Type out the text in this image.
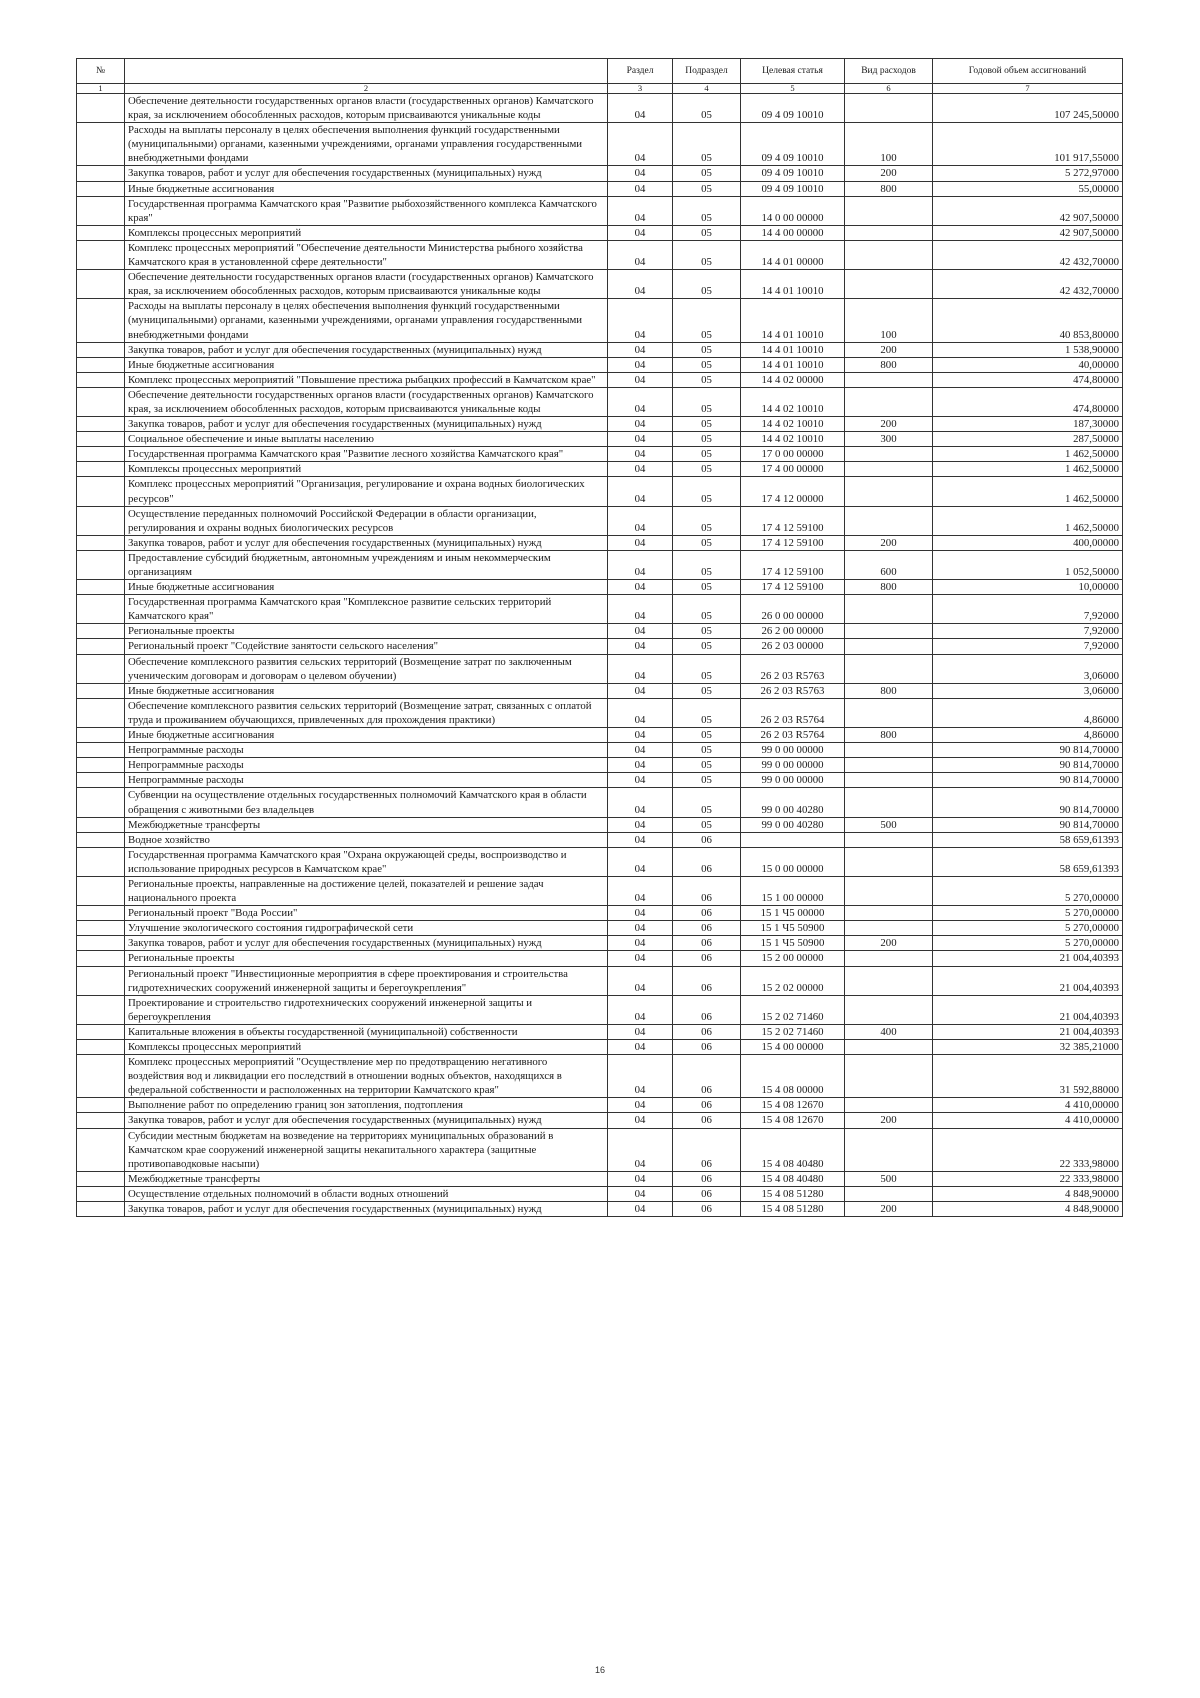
№		Раздел	Подраздел	Целевая статья	Вид расходов	Годовой объем ассигнований
1	2	3	4	5	6	7
	Обеспечение деятельности государственных органов власти (государственных органов) Камчатского края, за исключением обособленных расходов, которым присваиваются уникальные коды	04	05	09 4 09 10010		107 245,50000
	Расходы на выплаты персоналу в целях обеспечения выполнения функций государственными (муниципальными) органами, казенными учреждениями, органами управления государственными внебюджетными фондами	04	05	09 4 09 10010	100	101 917,55000
	Закупка товаров, работ и услуг для обеспечения государственных (муниципальных) нужд	04	05	09 4 09 10010	200	5 272,97000
	Иные бюджетные ассигнования	04	05	09 4 09 10010	800	55,00000
	Государственная программа Камчатского края "Развитие рыбохозяйственного комплекса Камчатского края"	04	05	14 0 00 00000		42 907,50000
	Комплексы процессных мероприятий	04	05	14 4 00 00000		42 907,50000
	Комплекс процессных мероприятий "Обеспечение деятельности Министерства рыбного хозяйства Камчатского края в установленной сфере деятельности"	04	05	14 4 01 00000		42 432,70000
	Обеспечение деятельности государственных органов власти (государственных органов) Камчатского края, за исключением обособленных расходов, которым присваиваются уникальные коды	04	05	14 4 01 10010		42 432,70000
	Расходы на выплаты персоналу в целях обеспечения выполнения функций государственными (муниципальными) органами, казенными учреждениями, органами управления государственными внебюджетными фондами	04	05	14 4 01 10010	100	40 853,80000
	Закупка товаров, работ и услуг для обеспечения государственных (муниципальных) нужд	04	05	14 4 01 10010	200	1 538,90000
	Иные бюджетные ассигнования	04	05	14 4 01 10010	800	40,00000
	Комплекс процессных мероприятий "Повышение престижа рыбацких профессий в Камчатском крае"	04	05	14 4 02 00000		474,80000
	Обеспечение деятельности государственных органов власти (государственных органов) Камчатского края, за исключением обособленных расходов, которым присваиваются уникальные коды	04	05	14 4 02 10010		474,80000
	Закупка товаров, работ и услуг для обеспечения государственных (муниципальных) нужд	04	05	14 4 02 10010	200	187,30000
	Социальное обеспечение и иные выплаты населению	04	05	14 4 02 10010	300	287,50000
	Государственная программа Камчатского края "Развитие лесного хозяйства Камчатского края"	04	05	17 0 00 00000		1 462,50000
	Комплексы процессных мероприятий	04	05	17 4 00 00000		1 462,50000
	Комплекс процессных мероприятий "Организация, регулирование и охрана водных биологических ресурсов"	04	05	17 4 12 00000		1 462,50000
	Осуществление переданных полномочий Российской Федерации в области организации, регулирования и охраны водных биологических ресурсов	04	05	17 4 12 59100		1 462,50000
	Закупка товаров, работ и услуг для обеспечения государственных (муниципальных) нужд	04	05	17 4 12 59100	200	400,00000
	Предоставление субсидий бюджетным, автономным учреждениям и иным некоммерческим организациям	04	05	17 4 12 59100	600	1 052,50000
	Иные бюджетные ассигнования	04	05	17 4 12 59100	800	10,00000
	Государственная программа Камчатского края "Комплексное развитие сельских территорий Камчатского края"	04	05	26 0 00 00000		7,92000
	Региональные проекты	04	05	26 2 00 00000		7,92000
	Региональный проект "Содействие занятости сельского населения"	04	05	26 2 03 00000		7,92000
	Обеспечение комплексного развития сельских территорий (Возмещение затрат по заключенным ученическим договорам и договорам о целевом обучении)	04	05	26 2 03 R5763		3,06000
	Иные бюджетные ассигнования	04	05	26 2 03 R5763	800	3,06000
	Обеспечение комплексного развития сельских территорий (Возмещение затрат, связанных с оплатой труда и проживанием обучающихся, привлеченных для прохождения практики)	04	05	26 2 03 R5764		4,86000
	Иные бюджетные ассигнования	04	05	26 2 03 R5764	800	4,86000
	Непрограммные расходы	04	05	99 0 00 00000		90 814,70000
	Непрограммные расходы	04	05	99 0 00 00000		90 814,70000
	Непрограммные расходы	04	05	99 0 00 00000		90 814,70000
	Субвенции на осуществление отдельных государственных полномочий Камчатского края в области обращения с животными без владельцев	04	05	99 0 00 40280		90 814,70000
	Межбюджетные трансферты	04	05	99 0 00 40280	500	90 814,70000
	Водное хозяйство	04	06			58 659,61393
	Государственная программа Камчатского края "Охрана окружающей среды, воспроизводство и использование природных ресурсов в Камчатском крае"	04	06	15 0 00 00000		58 659,61393
	Региональные проекты, направленные на достижение целей, показателей и решение задач национального проекта	04	06	15 1 00 00000		5 270,00000
	Региональный проект "Вода России"	04	06	15 1 Ч5 00000		5 270,00000
	Улучшение экологического состояния гидрографической сети	04	06	15 1 Ч5 50900		5 270,00000
	Закупка товаров, работ и услуг для обеспечения государственных (муниципальных) нужд	04	06	15 1 Ч5 50900	200	5 270,00000
	Региональные проекты	04	06	15 2 00 00000		21 004,40393
	Региональный проект "Инвестиционные мероприятия в сфере проектирования и строительства гидротехнических сооружений инженерной защиты и берегоукрепления"	04	06	15 2 02 00000		21 004,40393
	Проектирование и строительство гидротехнических сооружений инженерной защиты и берегоукрепления	04	06	15 2 02 71460		21 004,40393
	Капитальные вложения в объекты государственной (муниципальной) собственности	04	06	15 2 02 71460	400	21 004,40393
	Комплексы процессных мероприятий	04	06	15 4 00 00000		32 385,21000
	Комплекс процессных мероприятий "Осуществление мер по предотвращению негативного воздействия вод и ликвидации его последствий в отношении водных объектов, находящихся в федеральной собственности и расположенных на территории Камчатского края"	04	06	15 4 08 00000		31 592,88000
	Выполнение работ по определению границ зон затопления, подтопления	04	06	15 4 08 12670		4 410,00000
	Закупка товаров, работ и услуг для обеспечения государственных (муниципальных) нужд	04	06	15 4 08 12670	200	4 410,00000
	Субсидии местным бюджетам на возведение на территориях муниципальных образований в Камчатском крае сооружений инженерной защиты некапитального характера (защитные противопаводковые насыпи)	04	06	15 4 08 40480		22 333,98000
	Межбюджетные трансферты	04	06	15 4 08 40480	500	22 333,98000
	Осуществление отдельных полномочий в области водных отношений	04	06	15 4 08 51280		4 848,90000
	Закупка товаров, работ и услуг для обеспечения государственных (муниципальных) нужд	04	06	15 4 08 51280	200	4 848,90000
16
